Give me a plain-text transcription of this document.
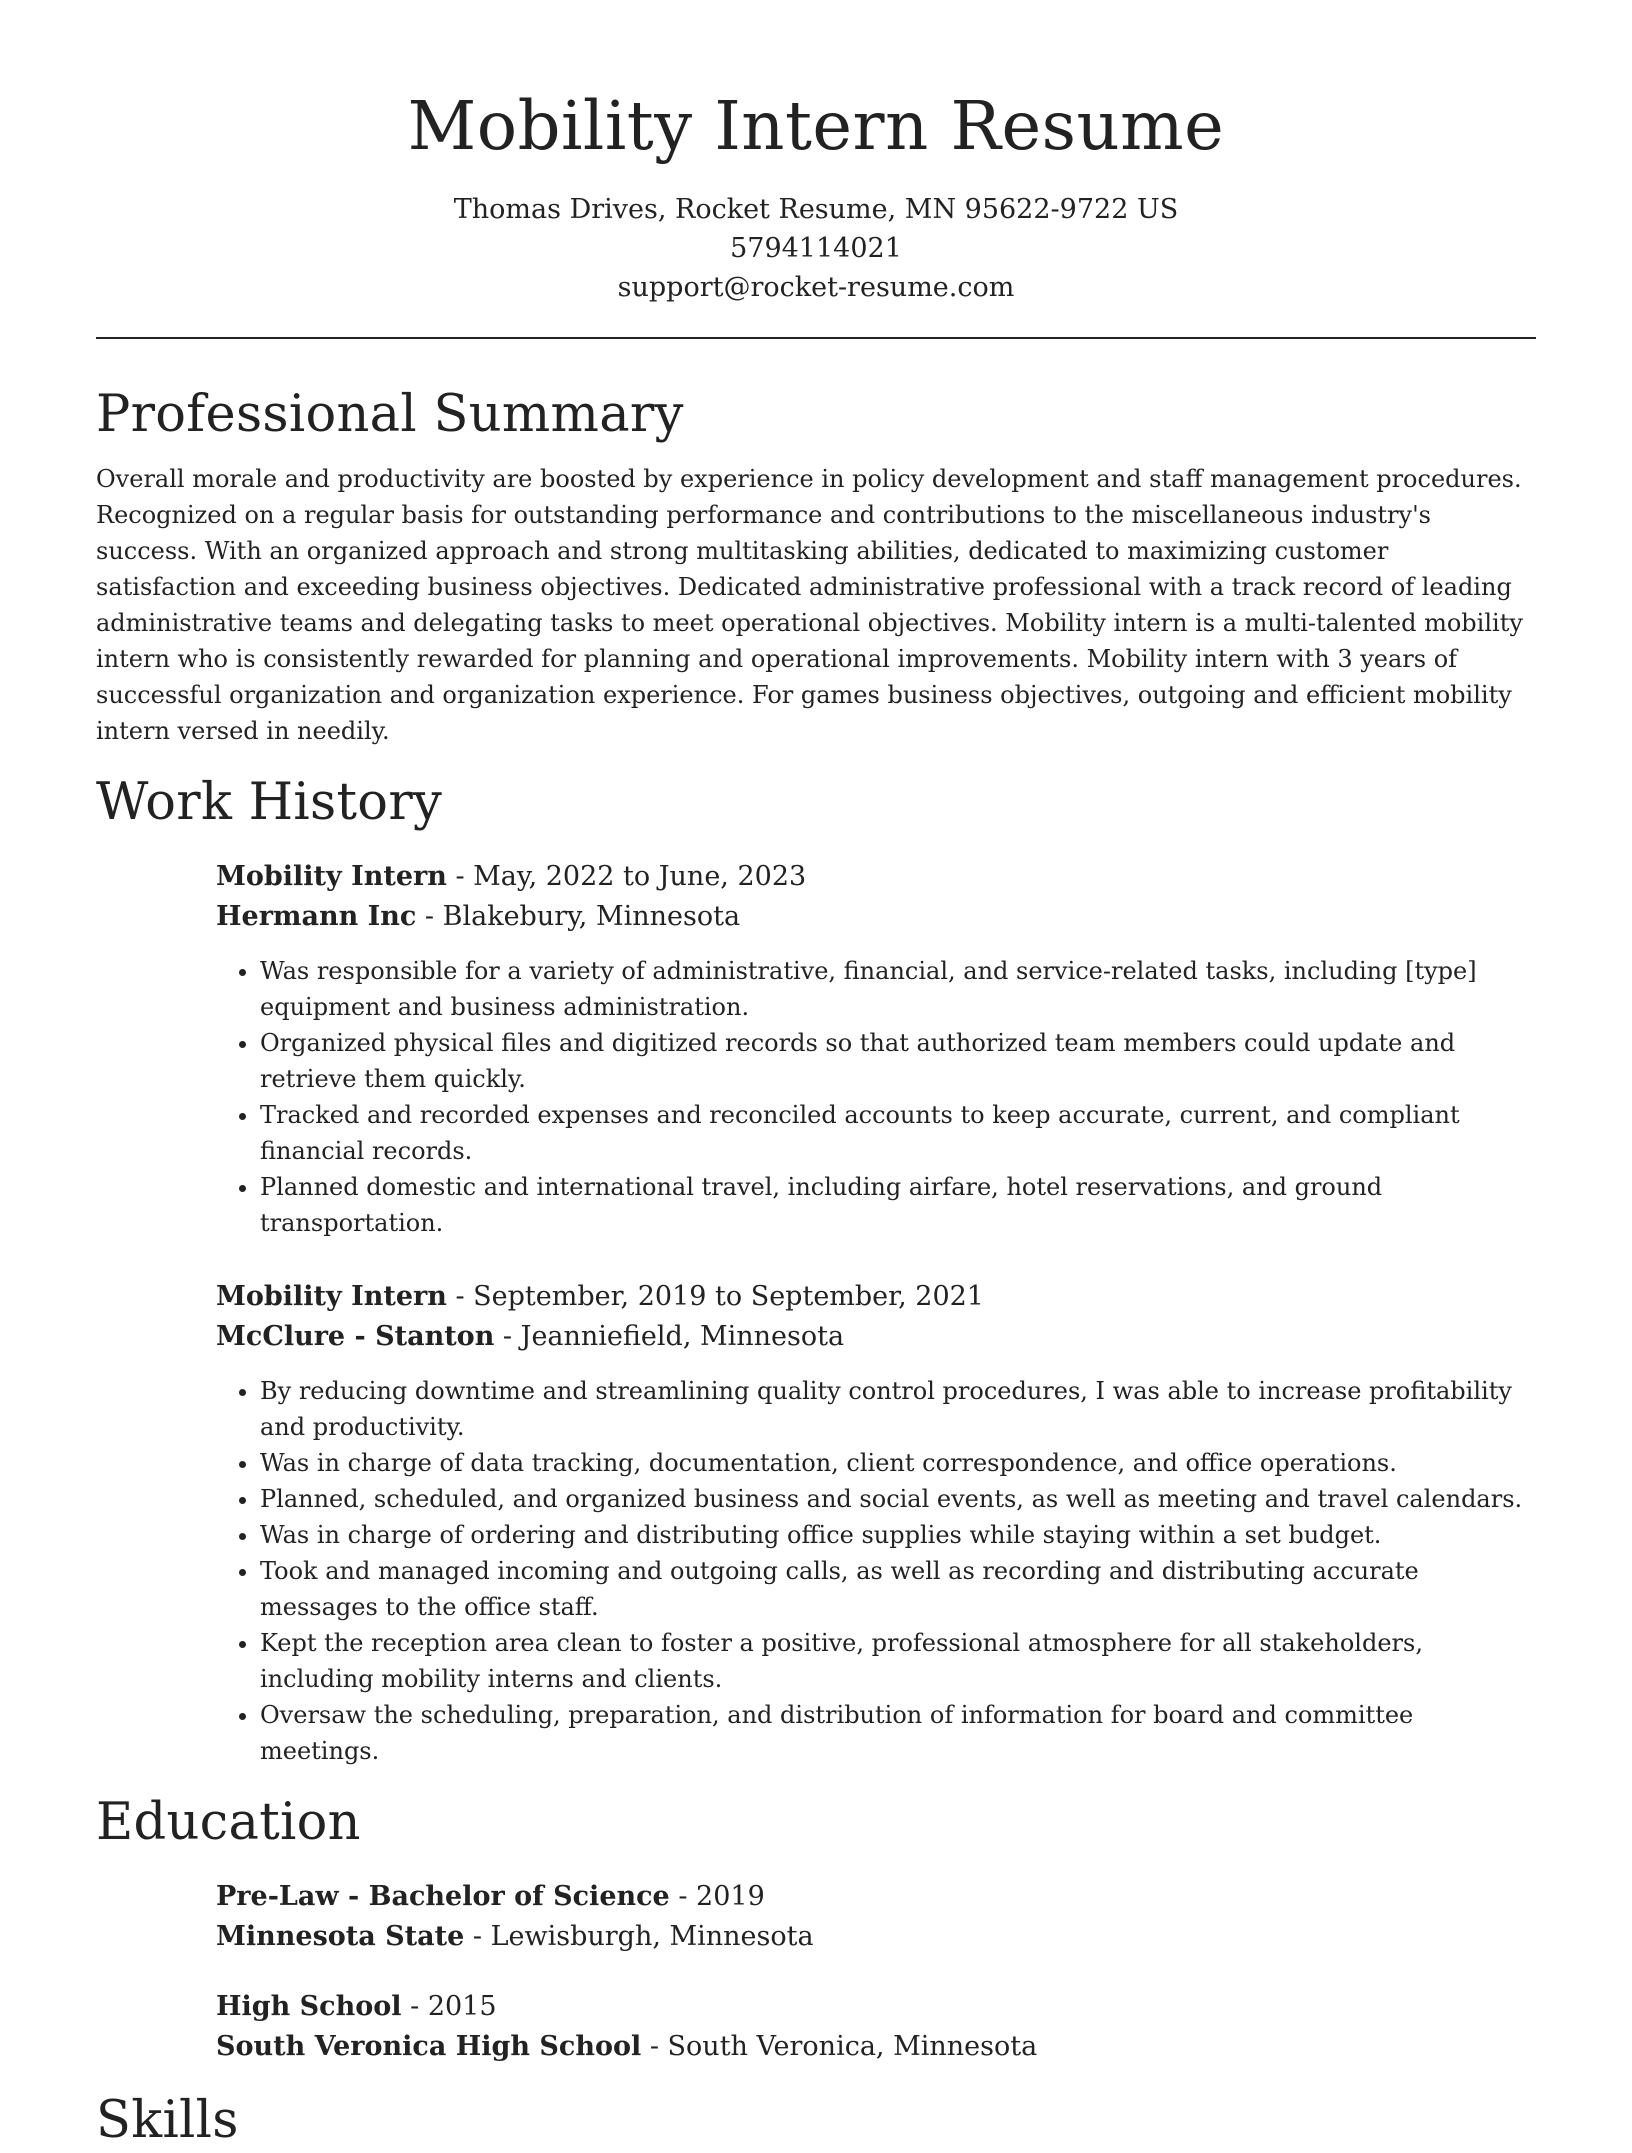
Mobility Intern Resume
Thomas Drives, Rocket Resume, MN 95622-9722 US
5794114021
support@rocket-resume.com
Professional Summary

Overall morale and productivity are boosted by experience in policy development and staff management procedures. Recognized on a regular basis for outstanding performance and contributions to the miscellaneous industry's success. With an organized approach and strong multitasking abilities, dedicated to maximizing customer satisfaction and exceeding business objectives. Dedicated administrative professional with a track record of leading administrative teams and delegating tasks to meet operational objectives. Mobility intern is a multi-talented mobility intern who is consistently rewarded for planning and operational improvements. Mobility intern with 3 years of successful organization and organization experience. For games business objectives, outgoing and efficient mobility intern versed in needily.

Work History
Mobility Intern - May, 2022 to June, 2023
Hermann Inc - Blakebury, Minnesota
• Was responsible for a variety of administrative, financial, and service-related tasks, including [type] equipment and business administration.
• Organized physical files and digitized records so that authorized team members could update and retrieve them quickly.
• Tracked and recorded expenses and reconciled accounts to keep accurate, current, and compliant financial records.
• Planned domestic and international travel, including airfare, hotel reservations, and ground transportation.
Mobility Intern - September, 2019 to September, 2021
McClure - Stanton - Jeanniefield, Minnesota
• By reducing downtime and streamlining quality control procedures, I was able to increase profitability and productivity.
• Was in charge of data tracking, documentation, client correspondence, and office operations.
• Planned, scheduled, and organized business and social events, as well as meeting and travel calendars.
• Was in charge of ordering and distributing office supplies while staying within a set budget.
• Took and managed incoming and outgoing calls, as well as recording and distributing accurate messages to the office staff.
• Kept the reception area clean to foster a positive, professional atmosphere for all stakeholders, including mobility interns and clients.
• Oversaw the scheduling, preparation, and distribution of information for board and committee meetings.
Education
Pre-Law - Bachelor of Science - 2019
Minnesota State - Lewisburgh, Minnesota
High School - 2015
South Veronica High School - South Veronica, Minnesota
Skills
